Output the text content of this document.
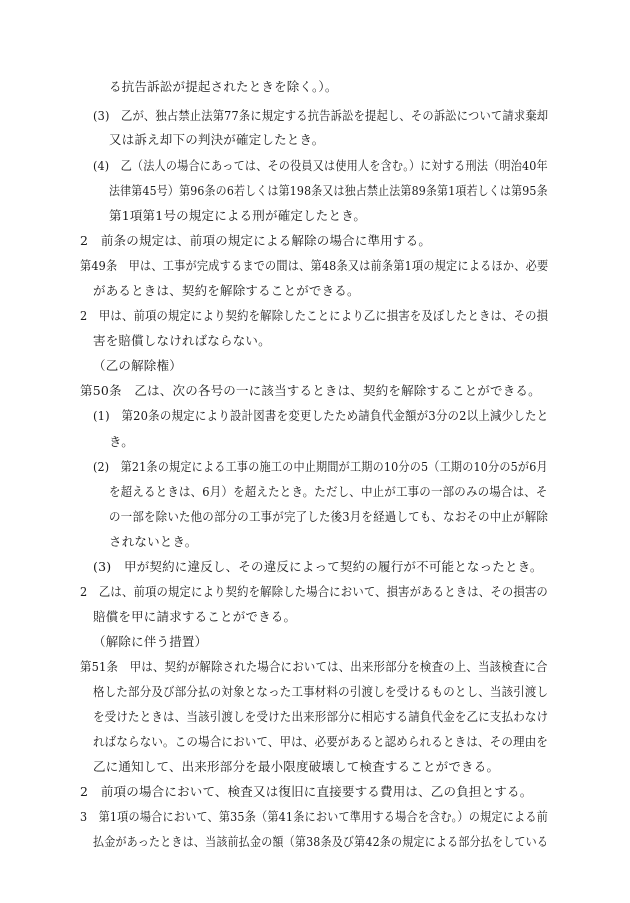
る抗告訴訟が提起されたときを除く。）。
(3)　乙が、独占禁止法第77条に規定する抗告訴訟を提起し、その訴訟について請求棄却
又は訴え却下の判決が確定したとき。
(4)　乙（法人の場合にあっては、その役員又は使用人を含む。）に対する刑法（明治40年
法律第45号）第96条の6若しくは第198条又は独占禁止法第89条第1項若しくは第95条
第1項第1号の規定による刑が確定したとき。
2　前条の規定は、前項の規定による解除の場合に準用する。
第49条　甲は、工事が完成するまでの間は、第48条又は前条第1項の規定によるほか、必要
があるときは、契約を解除することができる。
2　甲は、前項の規定により契約を解除したことにより乙に損害を及ぼしたときは、その損
害を賠償しなければならない。
（乙の解除権）
第50条　乙は、次の各号の一に該当するときは、契約を解除することができる。
(1)　第20条の規定により設計図書を変更したため請負代金額が3分の2以上減少したと
き。
(2)　第21条の規定による工事の施工の中止期間が工期の10分の5（工期の10分の5が6月
を超えるときは、6月）を超えたとき。ただし、中止が工事の一部のみの場合は、そ
の一部を除いた他の部分の工事が完了した後3月を経過しても、なおその中止が解除
されないとき。
(3)　甲が契約に違反し、その違反によって契約の履行が不可能となったとき。
2　乙は、前項の規定により契約を解除した場合において、損害があるときは、その損害の
賠償を甲に請求することができる。
（解除に伴う措置）
第51条　甲は、契約が解除された場合においては、出来形部分を検査の上、当該検査に合
格した部分及び部分払の対象となった工事材料の引渡しを受けるものとし、当該引渡し
を受けたときは、当該引渡しを受けた出来形部分に相応する請負代金を乙に支払わなけ
ればならない。この場合において、甲は、必要があると認められるときは、その理由を
乙に通知して、出来形部分を最小限度破壊して検査することができる。
2　前項の場合において、検査又は復旧に直接要する費用は、乙の負担とする。
3　第1項の場合において、第35条（第41条において準用する場合を含む。）の規定による前
払金があったときは、当該前払金の額（第38条及び第42条の規定による部分払をしている
